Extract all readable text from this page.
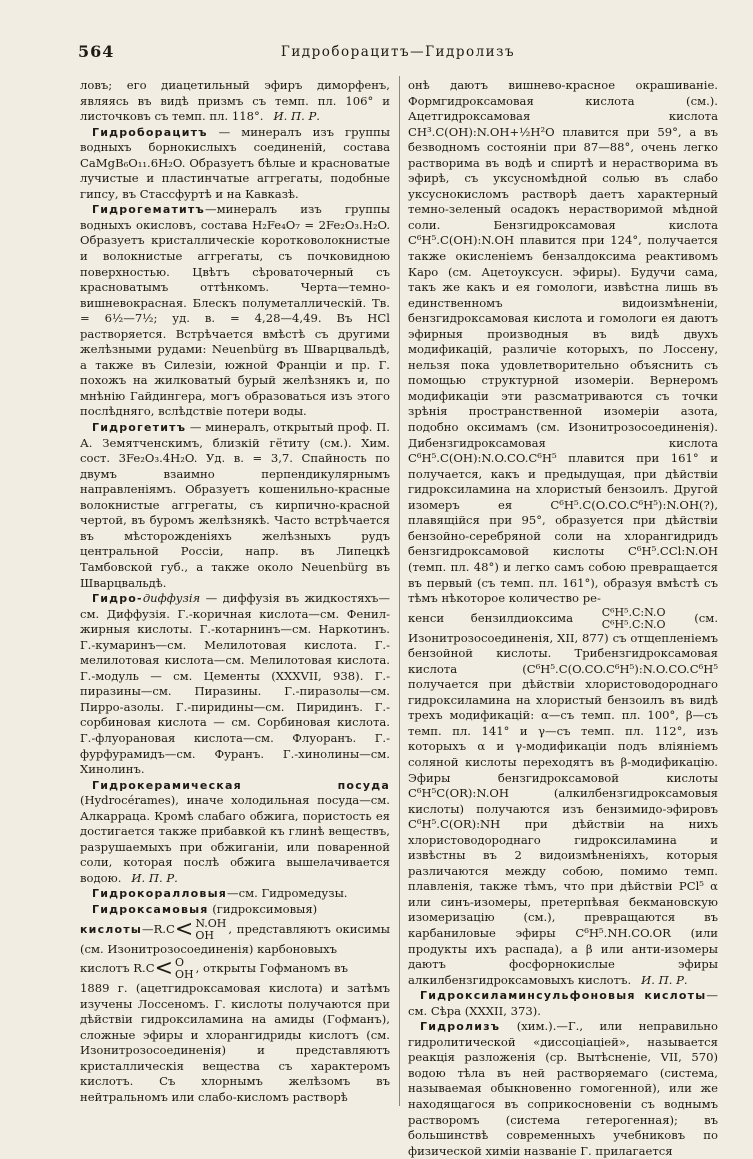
564	Гидроборацитъ—Гидролизъ

ловъ; его диацетильный эфиръ диморфенъ, являясь въ видѣ призмъ съ темп. пл. 106° и листочковъ съ темп. пл. 118°. И. П. Р.

Гидроборацитъ — минералъ изъ группы водныхъ борнокислыхъ соединеній, состава CaMgB₆O₁₁.6H₂O. Образуетъ бѣлые и красноватые лучистые и пластинчатые аггрегаты, подобные гипсу, въ Стассфуртѣ и на Кавказѣ.

Гидрогематитъ—минералъ изъ группы водныхъ окисловъ, состава H₂Fe₄O₇ = 2Fe₂O₃.H₂O. Образуетъ кристаллическіе коротковолокнистые и волокнистые аггрегаты, съ почковидною поверхностью. Цвѣтъ сѣроваточерный съ красноватымъ оттѣнкомъ. Черта—темно-вишневокрасная. Блескъ полуметаллическій. Тв. = 6½—7½; уд. в. = 4,28—4,49. Въ HCl растворяется. Встрѣчается вмѣстѣ съ другими желѣзными рудами: Neuenbürg въ Шварцвальдѣ, а также въ Силезіи, южной Франціи и пр. Г. похожъ на жилковатый бурый желѣзнякъ и, по мнѣнію Гайдингера, могъ образоваться изъ этого послѣдняго, вслѣдствіе потери воды.

Гидрогетитъ — минералъ, открытый проф. П. А. Земятченскимъ, близкій гётиту (см.). Хим. сост. 3Fe₂O₃.4H₂O. Уд. в. = 3,7. Спайность по двумъ взаимно перпендикулярнымъ направленіямъ. Образуетъ кошенильно-красные волокнистые аггрегаты, съ кирпично-красной чертой, въ буромъ желѣзнякѣ. Часто встрѣчается въ мѣсторожденіяхъ желѣзныхъ рудъ центральной Россіи, напр. въ Липецкѣ Тамбовской губ., а также около Neuenbürg въ Шварцвальдѣ.

Гидро-диффузія — диффузія въ жидкостяхъ—см. Диффузія. Г.-коричная кислота—см. Фенил-жирныя кислоты. Г.-котарнинъ—см. Наркотинъ. Г.-кумаринъ—см. Мелилотовая кислота. Г.-мелилотовая кислота—см. Мелилотовая кислота. Г.-модуль — см. Цементы (XXXVII, 938). Г.-пиразины—см. Пиразины. Г.-пиразолы—см. Пирро-азолы. Г.-пиридины—см. Пиридинъ. Г.-сорбиновая кислота — см. Сорбиновая кислота. Г.-флуорановая кислота—см. Флуоранъ. Г.-фурфурамидъ—см. Фуранъ. Г.-хинолины—см. Хинолинъ.

Гидрокерамическая посуда (Hydrocérames), иначе холодильная посуда—см. Алкарраца. Кромѣ слабаго обжига, пористость ея достигается также прибавкой къ глинѣ веществъ, разрушаемыхъ при обжиганіи, или поваренной соли, которая послѣ обжига вышелачивается водою. И. П. Р.

Гидрокоралловыя—см. Гидромедузы.

Гидроксамовыя (гидроксимовыя)

кислоты—R.C< N.OH
OH	, представляютъ окисимы (см. Изонитрозосоединенія) карбоновыхъ

кислотъ R.C< O
OH , открыты Гофманомъ въ

1889 г. (ацетгидроксамовая кислота) и затѣмъ изучены Лоссеномъ. Г. кислоты получаются при дѣйствіи гидроксиламина на амиды (Гофманъ), сложные эфиры и хлорангидриды кислотъ (см. Изонитрозосоединенія) и представляютъ кристаллическія вещества съ характеромъ кислотъ. Съ хлорнымъ желѣзомъ въ нейтральномъ или слабо-кисломъ растворѣ

онѣ даютъ вишнево-красное окрашиваніе. Формгидроксамовая кислота (см.). Ацетгидроксамовая кислота CH³.C(OH):N.OH+½H²O плавится при 59°, а въ безводномъ состояніи при 87—88°, очень легко растворима въ водѣ и спиртѣ и нерастворима въ эфирѣ, съ уксусномѣдной солью въ слабо уксуснокисломъ растворѣ даетъ характерный темно-зеленый осадокъ нерастворимой мѣдной соли. Бензгидроксамовая кислота C⁶H⁵.C(OH):N.OH плавится при 124°, получается также окисленіемъ бензалдоксима реактивомъ Каро (см. Ацетоуксусн. эфиры). Будучи сама, такъ же какъ и ея гомологи, извѣстна лишь въ единственномъ видоизмѣненіи, бензгидроксамовая кислота и гомологи ея даютъ эфирныя производныя въ видѣ двухъ модификацій, различіе которыхъ, по Лоссену, нельзя пока удовлетворительно объяснить съ помощью структурной изомеріи. Вернеромъ модификаціи эти разсматриваются съ точки зрѣнія пространственной изомеріи азота, подобно оксимамъ (см. Изонитрозосоединенія). Дибензгидроксамовая кислота C⁶H⁵.C(OH):N.O.CO.C⁶H⁵ плавится при 161° и получается, какъ и предыдущая, при дѣйствіи гидроксиламина на хлористый бензоилъ. Другой изомеръ ея C⁶H⁵.C(O.CO.C⁶H⁵):N.OH(?), плавящійся при 95°, образуется при дѣйствіи бензойно-серебряной соли на хлорангидридъ бензгидроксамовой кислоты C⁶H⁵.CCl:N.OH (темп. пл. 48°) и легко самъ собою превращается въ первый (съ темп. пл. 161°), образуя вмѣстѣ съ тѣмъ нѣкоторое количество ре-

кенси бензилдиоксима	C⁶H⁵.C:N.O
C⁶H⁵.C:N.O (см. Изонитрозосоединенія, XII, 877) съ отщепленіемъ бензойной кислоты. Трибензгидроксамовая кислота (C⁶H⁵.C(O.CO.C⁶H⁵):N.O.CO.C⁶H⁵ получается при дѣйствіи хлористоводороднаго гидроксиламина на хлористый бензоилъ въ видѣ трехъ модификацій: α—съ темп. пл. 100°, β—съ темп. пл. 141° и γ—съ темп. пл. 112°, изъ которыхъ α и γ-модификаціи подъ вліяніемъ соляной кислоты переходятъ въ β-модификацію. Эфиры бензгидроксамовой кислоты C⁶H⁵C(OR):N.OH (алкилбензгидроксамовыя кислоты) получаются изъ бензимидо-эфировъ C⁶H⁵.C(OR):NH при дѣйствіи на нихъ хлористоводороднаго гидроксиламина и извѣстны въ 2 видоизмѣненіяхъ, которыя различаются между собою, помимо темп. плавленія, также тѣмъ, что при дѣйствіи PCl⁵ α или синъ-изомеры, претерпѣвая бекмановскую изомеризацію (см.), превращаются въ карбаниловые эфиры C⁶H⁵.NH.CO.OR (или продукты ихъ распада), а β или анти-изомеры даютъ фосфорнокислые эфиры алкилбензгидроксамовыхъ кислотъ. И. П. Р.

Гидроксиламинсульфоновыя кислоты—см. Сѣра (XXXII, 373).

Гидролизъ (хим.).—Г., или неправильно гидролитической «диссоціаціей», называется реакція разложенія (ср. Вытѣсненіе, VII, 570) водою тѣла въ ней растворяемаго (система, называемая обыкновенно гомогенной), или же находящагося въ соприкосновеніи съ воднымъ растворомъ (система гетерогенная); въ большинствѣ современныхъ учебниковъ по физической химіи названіе Г. прилагается
